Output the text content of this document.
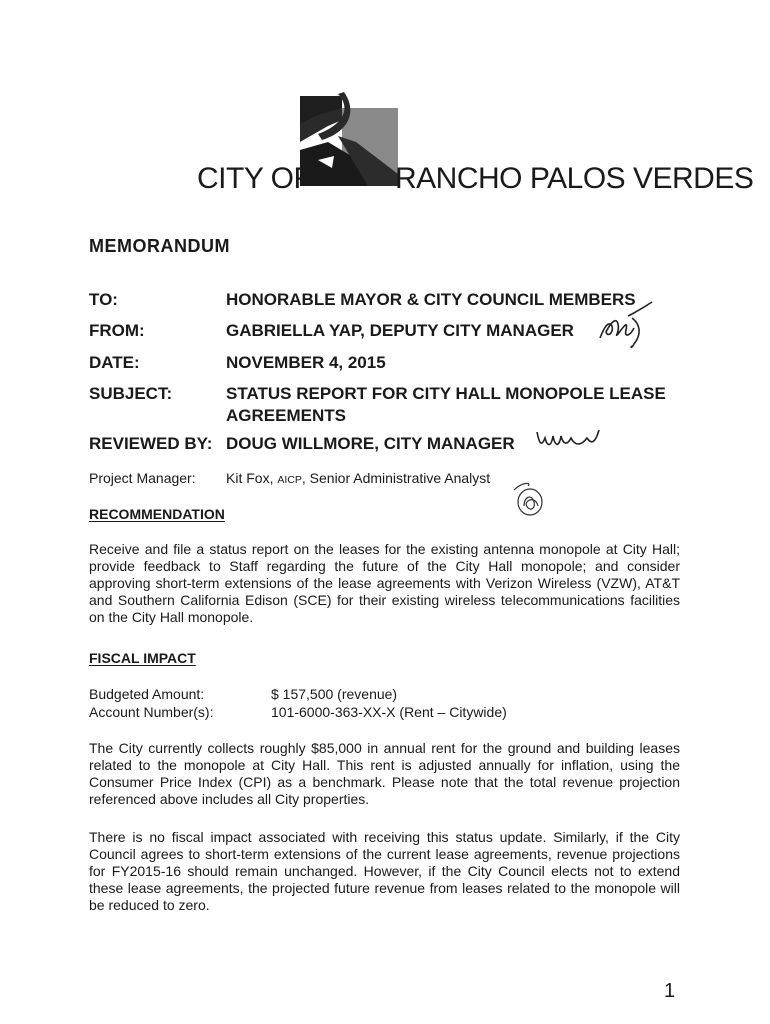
CITY OF	RANCHO PALOS VERDES
MEMORANDUM
TO:	HONORABLE MAYOR & CITY COUNCIL MEMBERS
FROM:	GABRIELLA YAP, DEPUTY CITY MANAGER
DATE:	NOVEMBER 4, 2015
SUBJECT:	STATUS REPORT FOR CITY HALL MONOPOLE LEASE
AGREEMENTS
REVIEWED BY: DOUG WILLMORE, CITY MANAGER
Project Manager: Kit Fox, AICP, Senior Administrative Analyst
RECOMMENDATION

Receive and file a status report on the leases for the existing antenna monopole at City Hall; provide feedback to Staff regarding the future of the City Hall monopole; and consider approving short-term extensions of the lease agreements with Verizon Wireless (VZW), AT&T and Southern California Edison (SCE) for their existing wireless telecommunications facilities on the City Hall monopole.

FISCAL IMPACT
Budgeted Amount:	$ 157,500 (revenue)
Account Number(s):	101-6000-363-XX-X (Rent – Citywide)

The City currently collects roughly $85,000 in annual rent for the ground and building leases related to the monopole at City Hall. This rent is adjusted annually for inflation, using the Consumer Price Index (CPI) as a benchmark. Please note that the total revenue projection referenced above includes all City properties.

There is no fiscal impact associated with receiving this status update. Similarly, if the City Council agrees to short-term extensions of the current lease agreements, revenue projections for FY2015-16 should remain unchanged. However, if the City Council elects not to extend these lease agreements, the projected future revenue from leases related to the monopole will be reduced to zero.

1
